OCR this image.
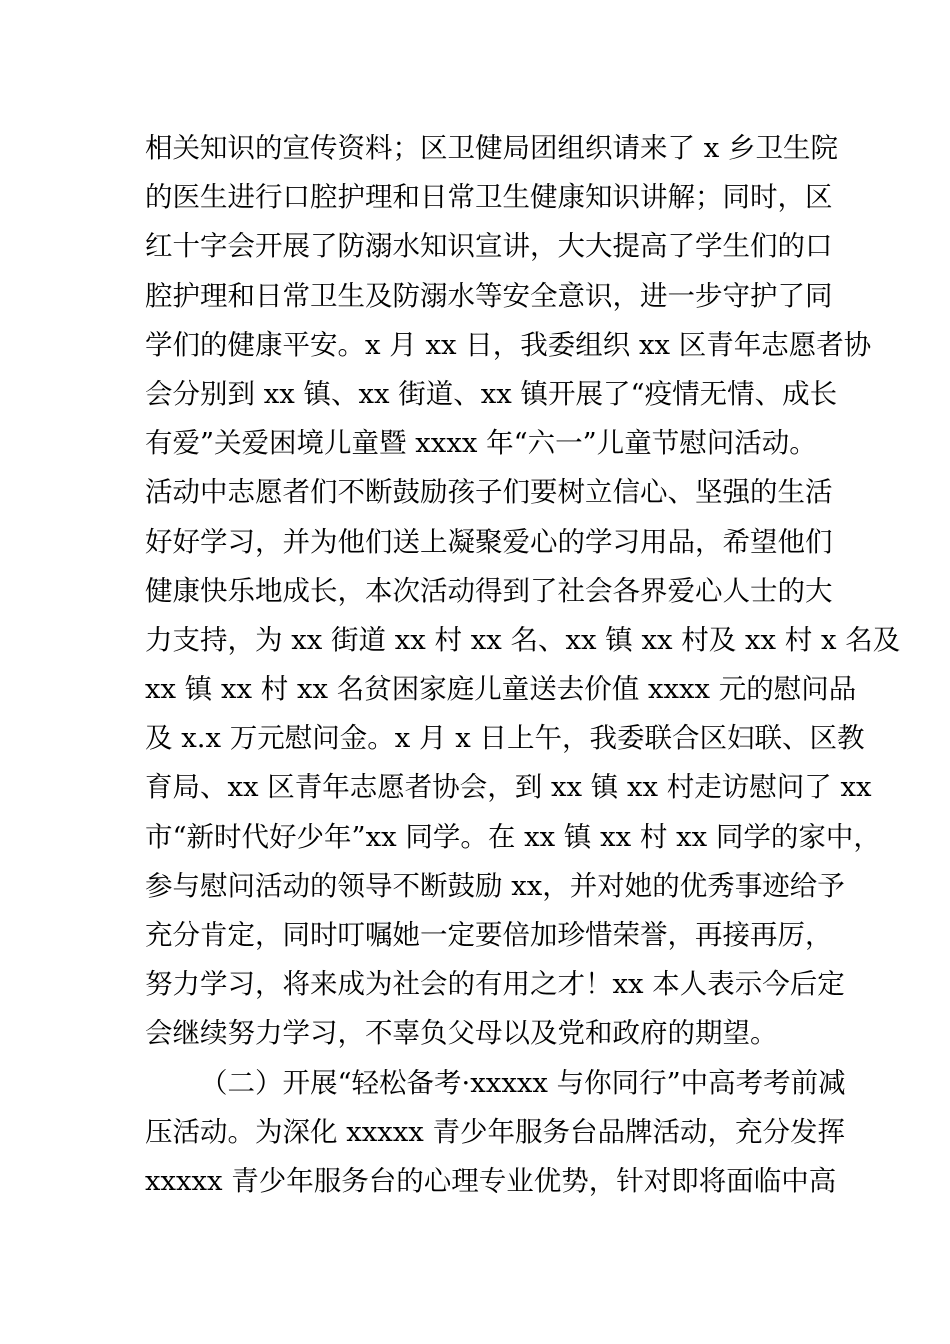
相关知识的宣传资料；区卫健局团组织请来了 x 乡卫生院
的医生进行口腔护理和日常卫生健康知识讲解；同时，区
红十字会开展了防溺水知识宣讲，大大提高了学生们的口
腔护理和日常卫生及防溺水等安全意识，进一步守护了同
学们的健康平安。x 月 xx 日，我委组织 xx 区青年志愿者协
会分别到 xx 镇、xx 街道、xx 镇开展了“疫情无情、成长
有爱”关爱困境儿童暨 xxxx 年“六一”儿童节慰问活动。
活动中志愿者们不断鼓励孩子们要树立信心、坚强的生活
好好学习，并为他们送上凝聚爱心的学习用品，希望他们
健康快乐地成长，本次活动得到了社会各界爱心人士的大
力支持，为 xx 街道 xx 村 xx 名、xx 镇 xx 村及 xx 村 x 名及
xx 镇 xx 村 xx 名贫困家庭儿童送去价值 xxxx 元的慰问品
及 x.x 万元慰问金。x 月 x 日上午，我委联合区妇联、区教
育局、xx 区青年志愿者协会，到 xx 镇 xx 村走访慰问了 xx
市“新时代好少年”xx 同学。在 xx 镇 xx 村 xx 同学的家中，
参与慰问活动的领导不断鼓励 xx，并对她的优秀事迹给予
充分肯定，同时叮嘱她一定要倍加珍惜荣誉，再接再厉，
努力学习，将来成为社会的有用之才！xx 本人表示今后定
会继续努力学习，不辜负父母以及党和政府的期望。
（二）开展“轻松备考·xxxxx 与你同行”中高考考前减
压活动。为深化 xxxxx 青少年服务台品牌活动，充分发挥
xxxxx 青少年服务台的心理专业优势，针对即将面临中高
